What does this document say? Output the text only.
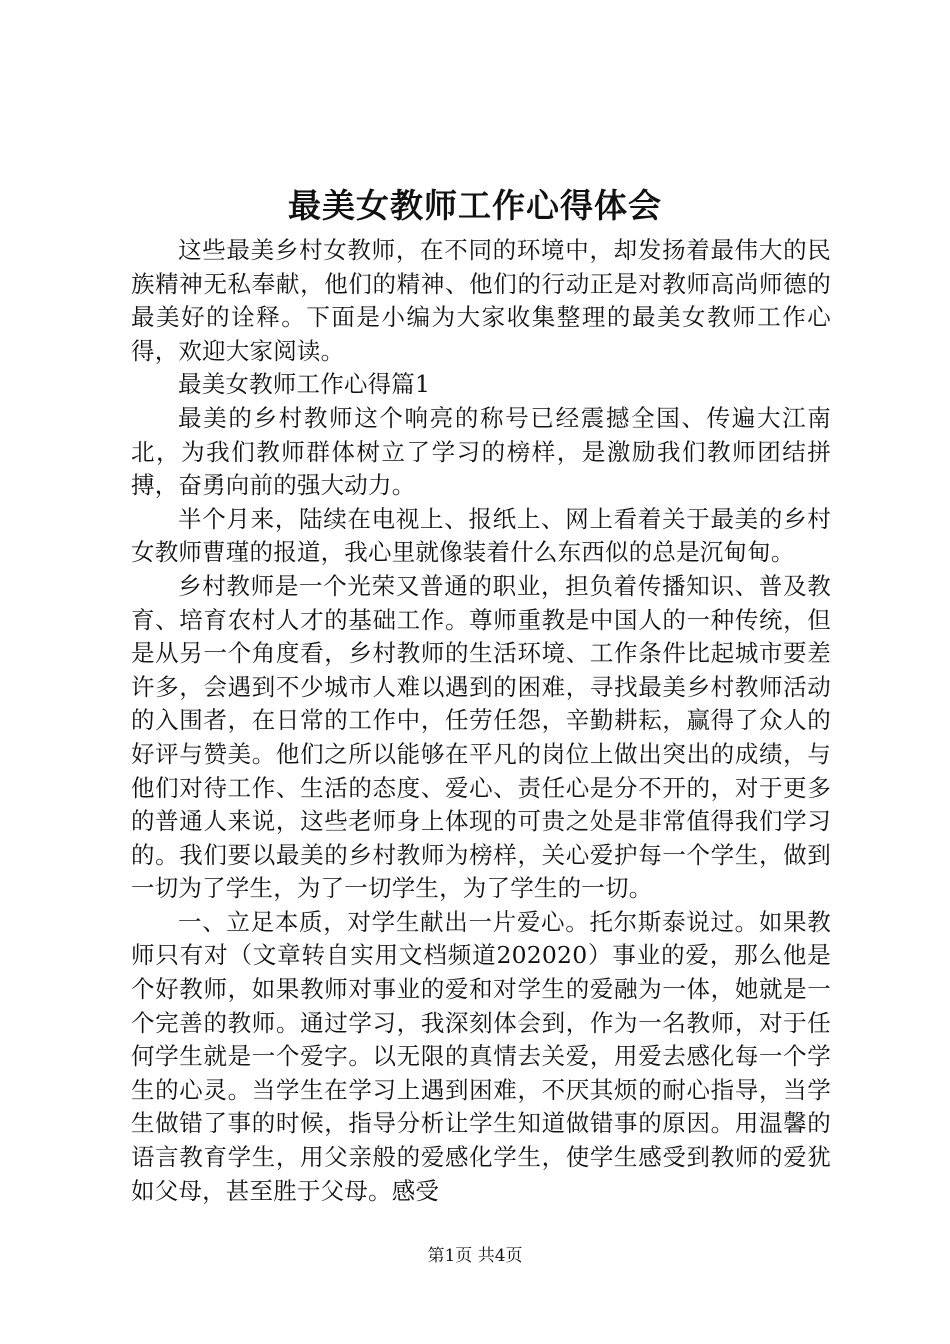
最美女教师工作心得体会

这些最美乡村女教师，在不同的环境中，却发扬着最伟大的民族精神无私奉献，他们的精神、他们的行动正是对教师高尚师德的最美好的诠释。下面是小编为大家收集整理的最美女教师工作心得，欢迎大家阅读。

最美女教师工作心得篇1

最美的乡村教师这个响亮的称号已经震撼全国、传遍大江南北，为我们教师群体树立了学习的榜样，是激励我们教师团结拼搏，奋勇向前的强大动力。

半个月来，陆续在电视上、报纸上、网上看着关于最美的乡村女教师曹瑾的报道，我心里就像装着什么东西似的总是沉甸甸。

乡村教师是一个光荣又普通的职业，担负着传播知识、普及教育、培育农村人才的基础工作。尊师重教是中国人的一种传统，但是从另一个角度看，乡村教师的生活环境、工作条件比起城市要差许多，会遇到不少城市人难以遇到的困难，寻找最美乡村教师活动的入围者，在日常的工作中，任劳任怨，辛勤耕耘，赢得了众人的好评与赞美。他们之所以能够在平凡的岗位上做出突出的成绩，与他们对待工作、生活的态度、爱心、责任心是分不开的，对于更多的普通人来说，这些老师身上体现的可贵之处是非常值得我们学习的。我们要以最美的乡村教师为榜样，关心爱护每一个学生，做到一切为了学生，为了一切学生，为了学生的一切。

一、立足本质，对学生献出一片爱心。托尔斯泰说过。如果教师只有对（文章转自实用文档频道202020）事业的爱，那么他是个好教师，如果教师对事业的爱和对学生的爱融为一体，她就是一个完善的教师。通过学习，我深刻体会到，作为一名教师，对于任何学生就是一个爱字。以无限的真情去关爱，用爱去感化每一个学生的心灵。当学生在学习上遇到困难，不厌其烦的耐心指导，当学生做错了事的时候，指导分析让学生知道做错事的原因。用温馨的语言教育学生，用父亲般的爱感化学生，使学生感受到教师的爱犹如父母，甚至胜于父母。感受

第1页 共4页
